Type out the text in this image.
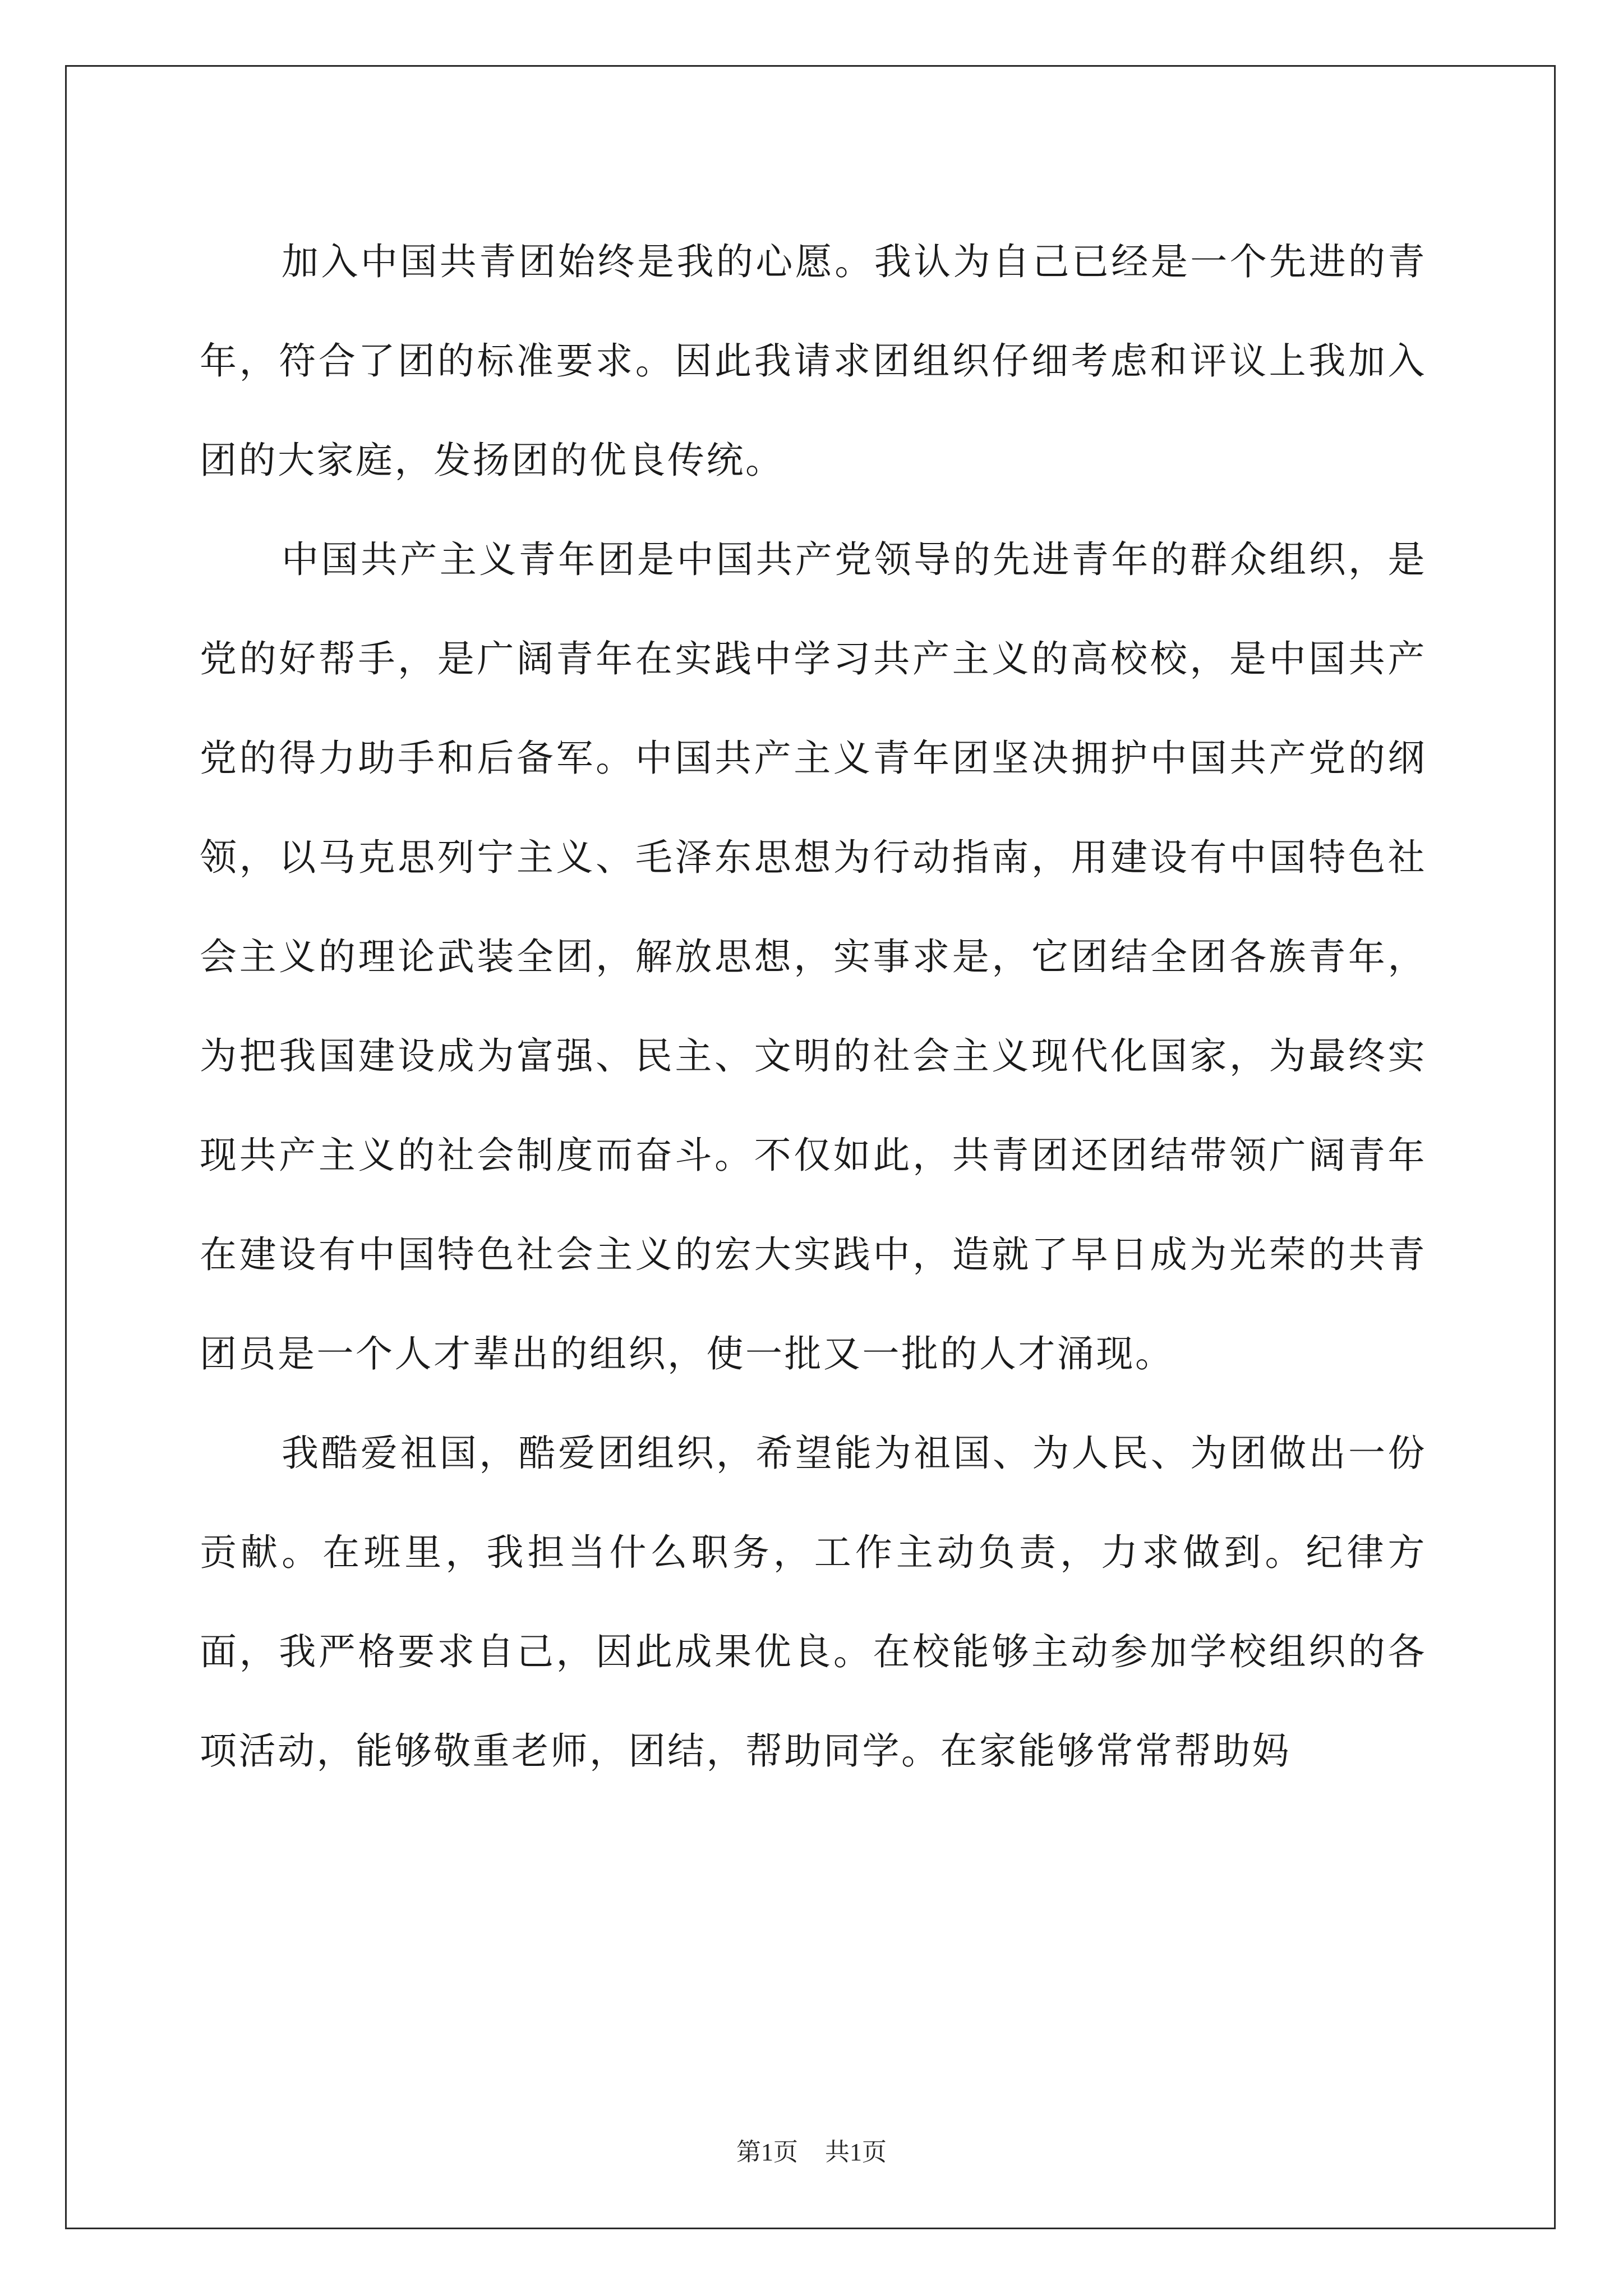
加入中国共青团始终是我的心愿。我认为自己已经是一个先进的青年，符合了团的标准要求。因此我请求团组织仔细考虑和评议上我加入团的大家庭，发扬团的优良传统。

中国共产主义青年团是中国共产党领导的先进青年的群众组织，是党的好帮手，是广阔青年在实践中学习共产主义的高校校，是中国共产党的得力助手和后备军。中国共产主义青年团坚决拥护中国共产党的纲领，以马克思列宁主义、毛泽东思想为行动指南，用建设有中国特色社会主义的理论武装全团，解放思想，实事求是，它团结全团各族青年，为把我国建设成为富强、民主、文明的社会主义现代化国家，为最终实现共产主义的社会制度而奋斗。不仅如此，共青团还团结带领广阔青年在建设有中国特色社会主义的宏大实践中，造就了早日成为光荣的共青团员是一个人才辈出的组织，使一批又一批的人才涌现。

我酷爱祖国，酷爱团组织，希望能为祖国、为人民、为团做出一份贡献。在班里，我担当什么职务，工作主动负责，力求做到。纪律方面，我严格要求自己，因此成果优良。在校能够主动参加学校组织的各项活动，能够敬重老师，团结，帮助同学。在家能够常常帮助妈

第1页 共1页
